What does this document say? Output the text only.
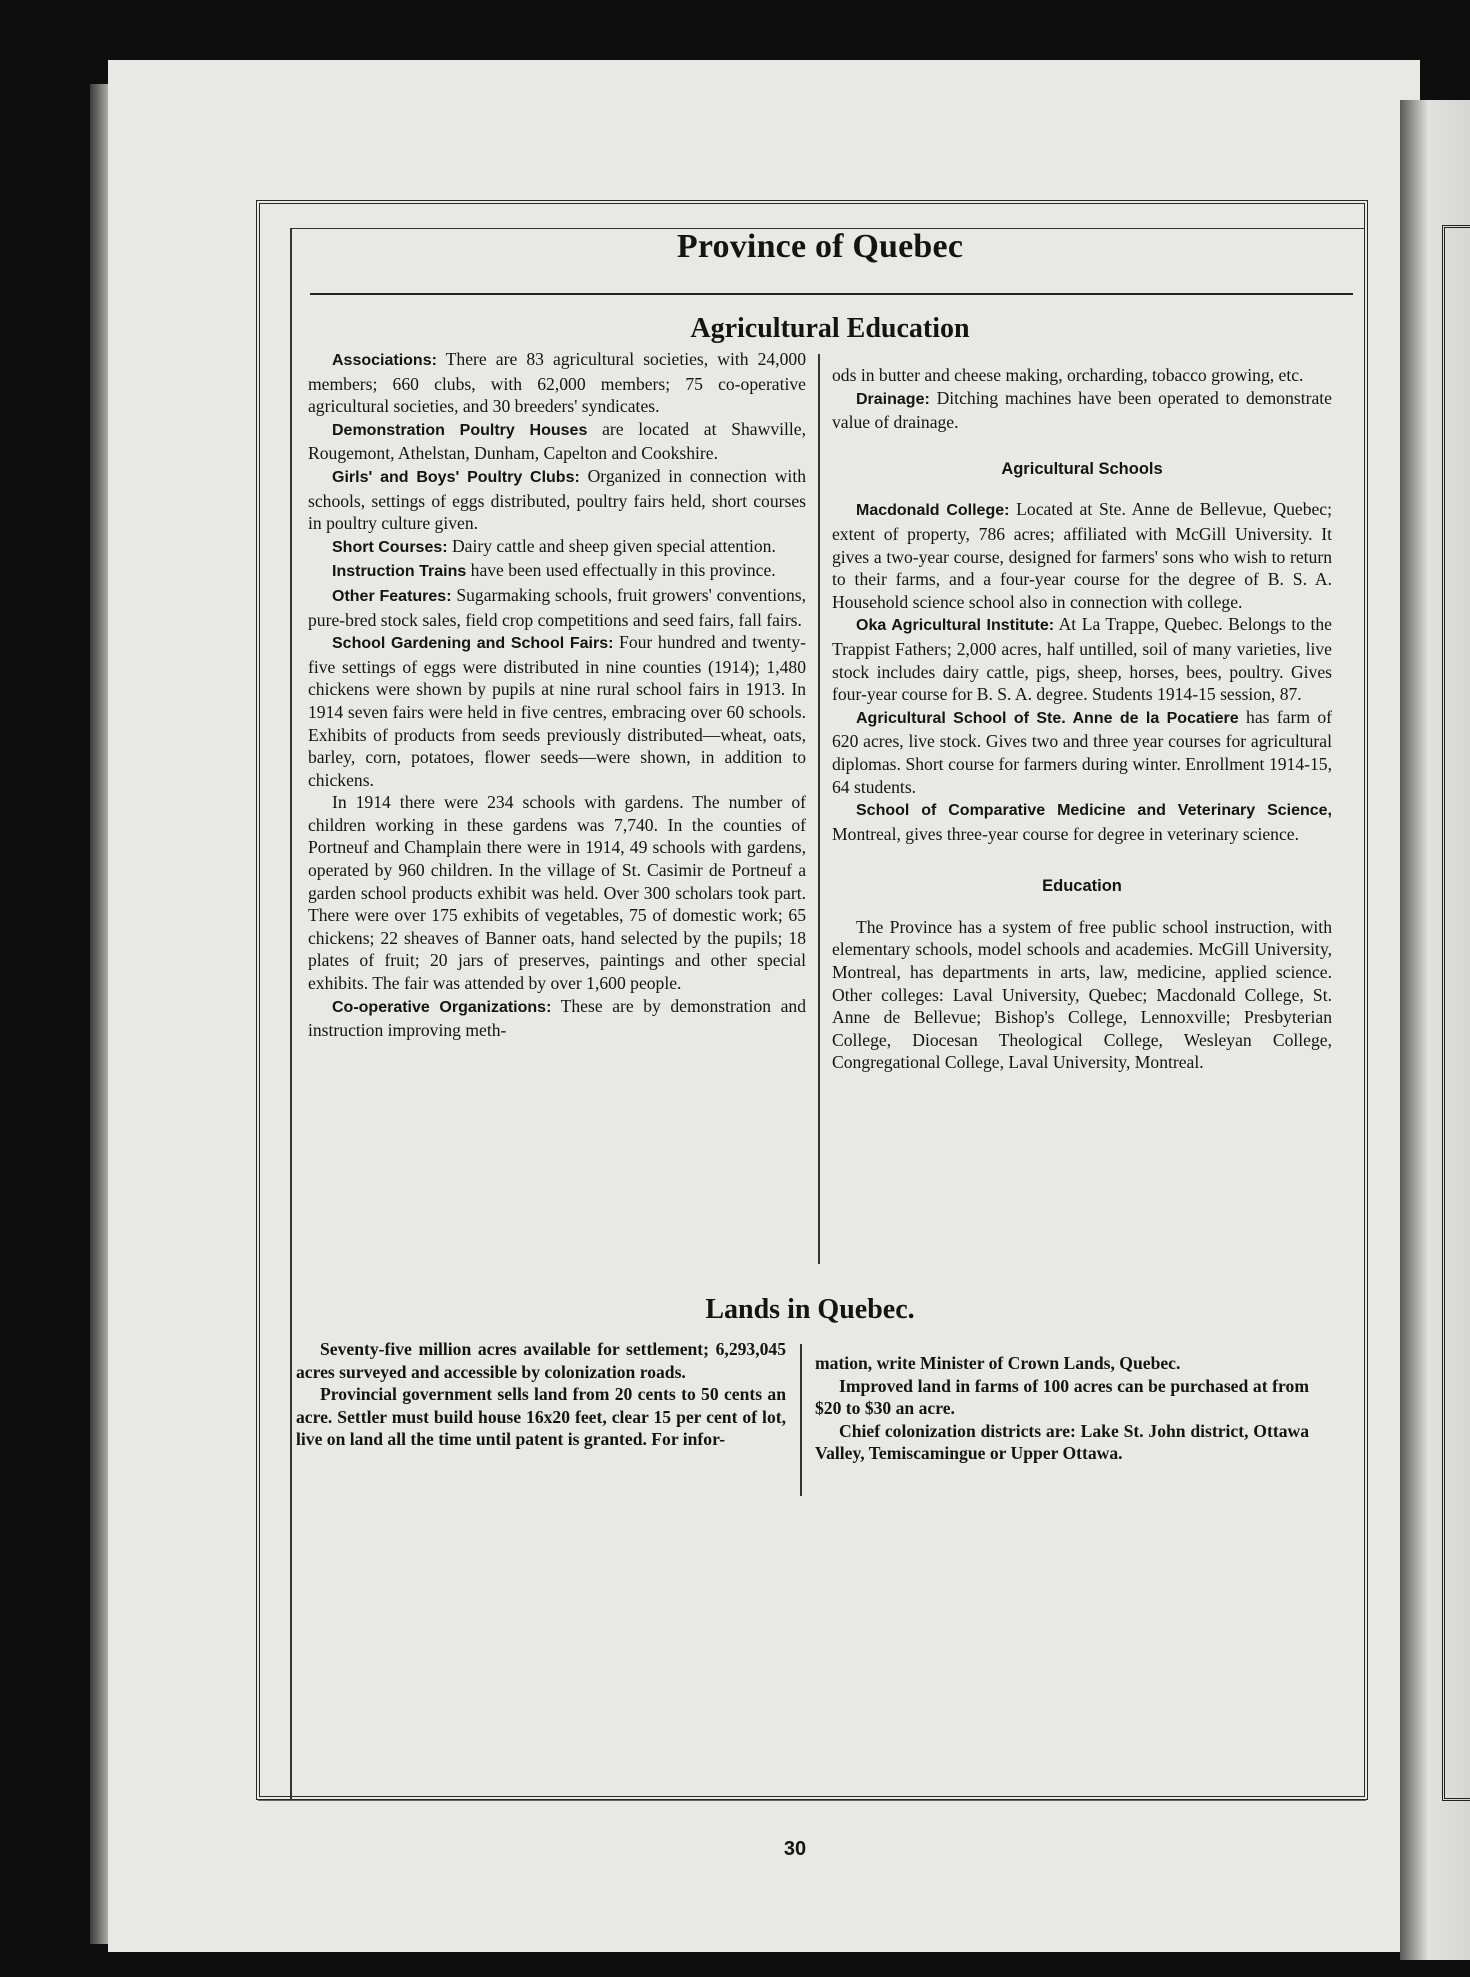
Province of Quebec
Agricultural Education

Associations: There are 83 agricultural societies, with 24,000 members; 660 clubs, with 62,000 members; 75 co-operative agricultural societies, and 30 breeders' syndicates.

Demonstration Poultry Houses are located at Shawville, Rougemont, Athelstan, Dunham, Capelton and Cookshire.

Girls' and Boys' Poultry Clubs: Organized in connection with schools, settings of eggs distributed, poultry fairs held, short courses in poultry culture given.

Short Courses: Dairy cattle and sheep given special attention.

Instruction Trains have been used effectually in this province.

Other Features: Sugarmaking schools, fruit growers' conventions, pure-bred stock sales, field crop competitions and seed fairs, fall fairs.

School Gardening and School Fairs: Four hundred and twenty-five settings of eggs were distributed in nine counties (1914); 1,480 chickens were shown by pupils at nine rural school fairs in 1913. In 1914 seven fairs were held in five centres, embracing over 60 schools. Exhibits of products from seeds previously distributed—wheat, oats, barley, corn, potatoes, flower seeds—were shown, in addition to chickens.

In 1914 there were 234 schools with gardens. The number of children working in these gardens was 7,740. In the counties of Portneuf and Champlain there were in 1914, 49 schools with gardens, operated by 960 children. In the village of St. Casimir de Portneuf a garden school products exhibit was held. Over 300 scholars took part. There were over 175 exhibits of vegetables, 75 of domestic work; 65 chickens; 22 sheaves of Banner oats, hand selected by the pupils; 18 plates of fruit; 20 jars of preserves, paintings and other special exhibits. The fair was attended by over 1,600 people.

Co-operative Organizations: These are by demonstration and instruction improving meth-

ods in butter and cheese making, orcharding, tobacco growing, etc.

Drainage: Ditching machines have been operated to demonstrate value of drainage.

Agricultural Schools

Macdonald College: Located at Ste. Anne de Bellevue, Quebec; extent of property, 786 acres; affiliated with McGill University. It gives a two-year course, designed for farmers' sons who wish to return to their farms, and a four-year course for the degree of B. S. A. Household science school also in connection with college.

Oka Agricultural Institute: At La Trappe, Quebec. Belongs to the Trappist Fathers; 2,000 acres, half untilled, soil of many varieties, live stock includes dairy cattle, pigs, sheep, horses, bees, poultry. Gives four-year course for B. S. A. degree. Students 1914-15 session, 87.

Agricultural School of Ste. Anne de la Pocatiere has farm of 620 acres, live stock. Gives two and three year courses for agricultural diplomas. Short course for farmers during winter. Enrollment 1914-15, 64 students.

School of Comparative Medicine and Veterinary Science, Montreal, gives three-year course for degree in veterinary science.

Education

The Province has a system of free public school instruction, with elementary schools, model schools and academies. McGill University, Montreal, has departments in arts, law, medicine, applied science. Other colleges: Laval University, Quebec; Macdonald College, St. Anne de Bellevue; Bishop's College, Lennoxville; Presbyterian College, Diocesan Theological College, Wesleyan College, Congregational College, Laval University, Montreal.

Lands in Quebec.

Seventy-five million acres available for settlement; 6,293,045 acres surveyed and accessible by colonization roads.

Provincial government sells land from 20 cents to 50 cents an acre. Settler must build house 16x20 feet, clear 15 per cent of lot, live on land all the time until patent is granted. For infor-

mation, write Minister of Crown Lands, Quebec.

Improved land in farms of 100 acres can be purchased at from $20 to $30 an acre.

Chief colonization districts are: Lake St. John district, Ottawa Valley, Temiscamingue or Upper Ottawa.

30
